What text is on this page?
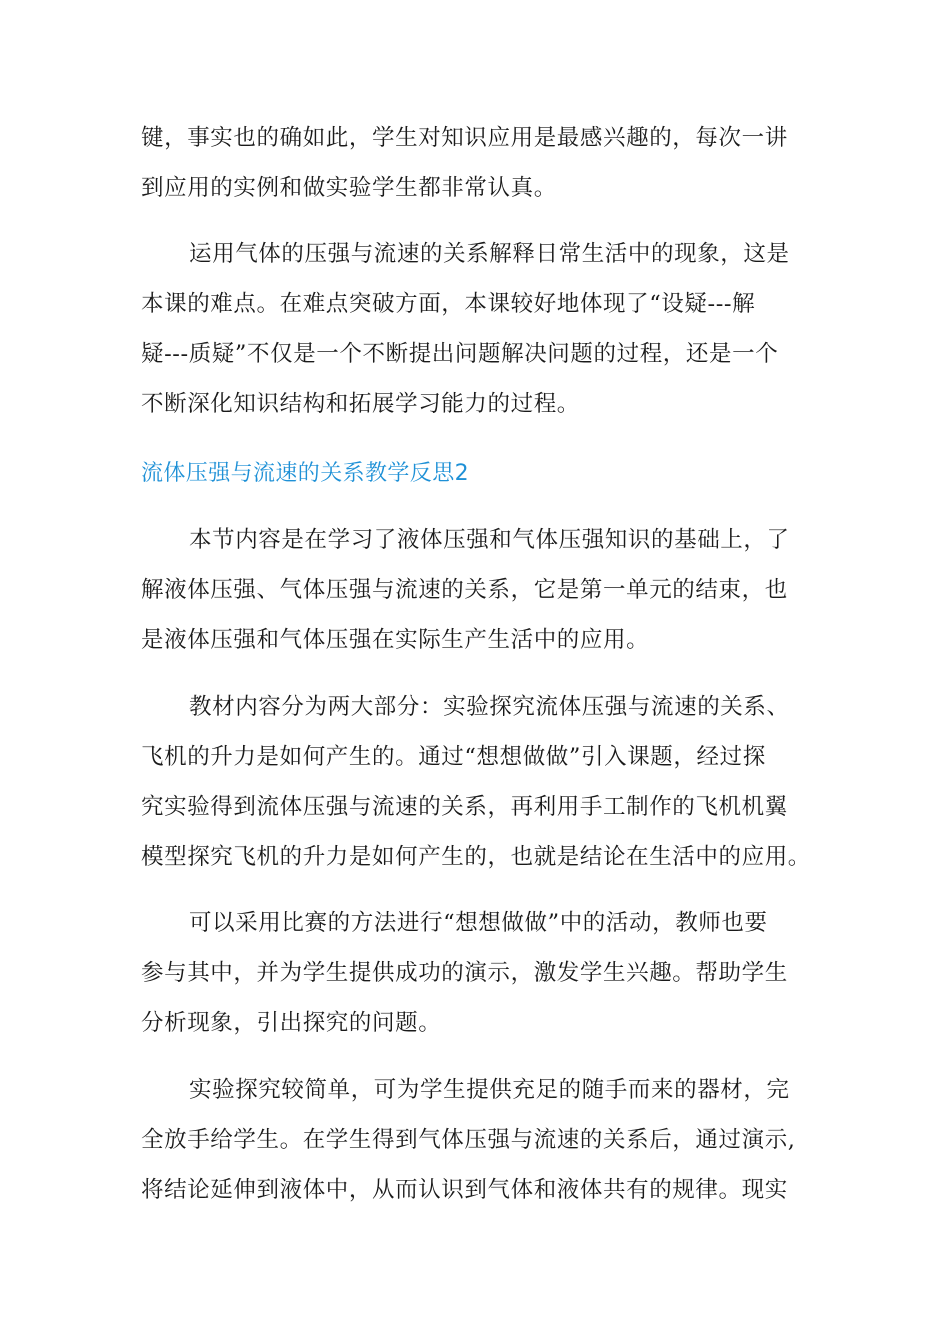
键，事实也的确如此，学生对知识应用是最感兴趣的，每次一讲
到应用的实例和做实验学生都非常认真。

运用气体的压强与流速的关系解释日常生活中的现象，这是
本课的难点。在难点突破方面，本课较好地体现了“设疑---解
疑---质疑”不仅是一个不断提出问题解决问题的过程，还是一个
不断深化知识结构和拓展学习能力的过程。

流体压强与流速的关系教学反思2

本节内容是在学习了液体压强和气体压强知识的基础上，了
解液体压强、气体压强与流速的关系，它是第一单元的结束，也
是液体压强和气体压强在实际生产生活中的应用。

教材内容分为两大部分：实验探究流体压强与流速的关系、
飞机的升力是如何产生的。通过“想想做做”引入课题，经过探
究实验得到流体压强与流速的关系，再利用手工制作的飞机机翼
模型探究飞机的升力是如何产生的，也就是结论在生活中的应用。

可以采用比赛的方法进行“想想做做”中的活动，教师也要
参与其中，并为学生提供成功的演示，激发学生兴趣。帮助学生
分析现象，引出探究的问题。

实验探究较简单，可为学生提供充足的随手而来的器材，完
全放手给学生。在学生得到气体压强与流速的关系后，通过演示,
将结论延伸到液体中，从而认识到气体和液体共有的规律。现实
